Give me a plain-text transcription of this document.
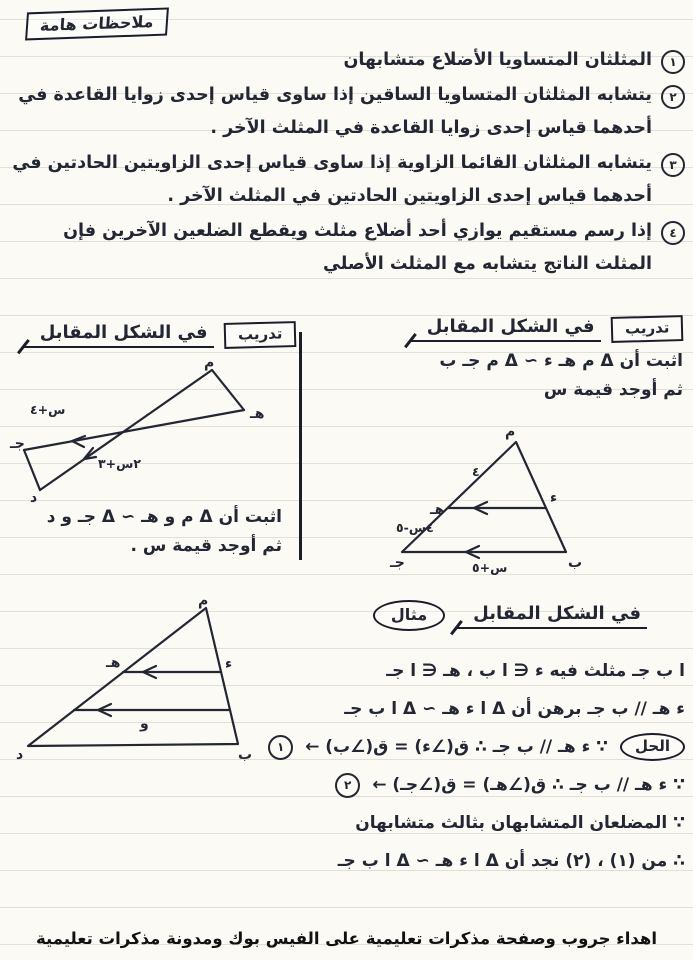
ملاحظات هامة
١
المثلثان المتساويا الأضلاع متشابهان
٢
يتشابه المثلثان المتساويا الساقين إذا ساوى قياس إحدى زوايا القاعدة في أحدهما قياس إحدى زوايا القاعدة في المثلث الآخر .
٣
يتشابه المثلثان القائما الزاوية إذا ساوى قياس إحدى الزاويتين الحادتين في أحدهما قياس إحدى الزاويتين الحادتين في المثلث الآخر .
٤
إذا رسم مستقيم يوازي أحد أضلاع مثلث ويقطع الضلعين الآخرين فإن المثلث الناتج يتشابه مع المثلث الأصلي
تدريب
في الشكل المقابل
اثبت أن Δ م هـ ء ∼ Δ م جـ ب
ثم أوجد قيمة س
م
٤
٤س-٥
هـ
ء
جـ	ب
س+٥
تدريب
في الشكل المقابل
اثبت أن Δ م و هـ ∼ Δ جـ و د
ثم أوجد قيمة س .
م
هـ
س+٤
٢س+٣
جـ
د
في الشكل المقابل
مثال
م
هـ	ء
و
د	ب
ا ب جـ مثلث فيه ء ∈ ا ب ، هـ ∈ ا جـ
ء هـ // ب جـ برهن أن Δ ا ء هـ ∼ Δ ا ب جـ
الحل
∵ ء هـ // ب جـ ∴ ق(∠ء) = ق(∠ب) ←
١
∵ ء هـ // ب جـ ∴ ق(∠هـ) = ق(∠جـ) ←
٢
∵ المضلعان المتشابهان بثالث متشابهان
∴ من (١) ، (٢) نجد أن Δ ا ء هـ ∼ Δ ا ب جـ
اهداء جروب وصفحة مذكرات تعليمية على الفيس بوك ومدونة مذكرات تعليمية
